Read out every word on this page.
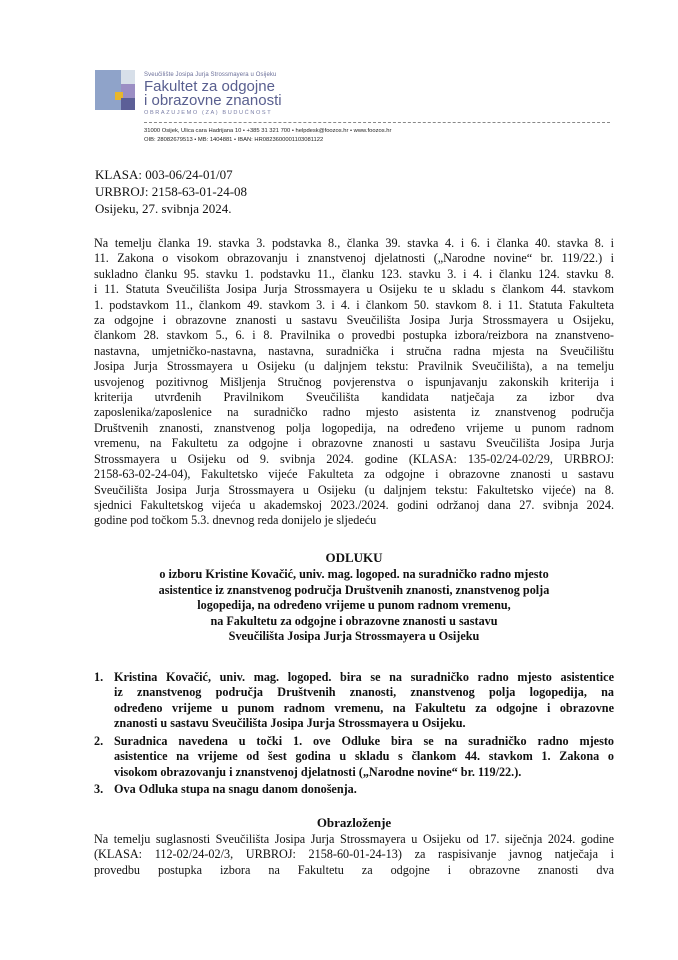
Sveučilište Josipa Jurja Strossmayera u Osijeku
Fakultet za odgojne
i obrazovne znanosti
OBRAZUJEMO (ZA) BUDUĆNOST
31000 Osijek, Ulica cara Hadrijana 10 • +385 31 321 700 • helpdesk@foozos.hr • www.foozos.hr
OIB: 28082679513 • MB: 1404881 • IBAN: HR0823600001103081122
KLASA: 003-06/24-01/07
URBROJ: 2158-63-01-24-08
Osijeku, 27. svibnja 2024.
Na temelju članka 19. stavka 3. podstavka 8., članka 39. stavka 4. i 6. i članka 40. stavka 8. i
11. Zakona o visokom obrazovanju i znanstvenoj djelatnosti („Narodne novine“ br. 119/22.) i
sukladno članku 95. stavku 1. podstavku 11., članku 123. stavku 3. i 4. i članku 124. stavku 8.
i 11. Statuta Sveučilišta Josipa Jurja Strossmayera u Osijeku te u skladu s člankom 44. stavkom
1. podstavkom 11., člankom 49. stavkom 3. i 4. i člankom 50. stavkom 8. i 11. Statuta Fakulteta
za odgojne i obrazovne znanosti u sastavu Sveučilišta Josipa Jurja Strossmayera u Osijeku,
člankom 28. stavkom 5., 6. i 8. Pravilnika o provedbi postupka izbora/reizbora na znanstveno-
nastavna, umjetničko-nastavna, nastavna, suradnička i stručna radna mjesta na Sveučilištu
Josipa Jurja Strossmayera u Osijeku (u daljnjem tekstu: Pravilnik Sveučilišta), a na temelju
usvojenog pozitivnog Mišljenja Stručnog povjerenstva o ispunjavanju zakonskih kriterija i
kriterija utvrđenih Pravilnikom Sveučilišta kandidata natječaja za izbor dva
zaposlenika/zaposlenice na suradničko radno mjesto asistenta iz znanstvenog područja
Društvenih znanosti, znanstvenog polja logopedija, na određeno vrijeme u punom radnom
vremenu, na Fakultetu za odgojne i obrazovne znanosti u sastavu Sveučilišta Josipa Jurja
Strossmayera u Osijeku od 9. svibnja 2024. godine (KLASA: 135-02/24-02/29, URBROJ:
2158-63-02-24-04), Fakultetsko vijeće Fakulteta za odgojne i obrazovne znanosti u sastavu
Sveučilišta Josipa Jurja Strossmayera u Osijeku (u daljnjem tekstu: Fakultetsko vijeće) na 8.
sjednici Fakultetskog vijeća u akademskoj 2023./2024. godini održanoj dana 27. svibnja 2024.
godine pod točkom 5.3. dnevnog reda donijelo je sljedeću
ODLUKU
o izboru Kristine Kovačić, univ. mag. logoped. na suradničko radno mjesto
asistentice iz znanstvenog područja Društvenih znanosti, znanstvenog polja
logopedija, na određeno vrijeme u punom radnom vremenu,
na Fakultetu za odgojne i obrazovne znanosti u sastavu
Sveučilišta Josipa Jurja Strossmayera u Osijeku
1. Kristina Kovačić, univ. mag. logoped. bira se na suradničko radno mjesto asistentice
iz znanstvenog područja Društvenih znanosti, znanstvenog polja logopedija, na
određeno vrijeme u punom radnom vremenu, na Fakultetu za odgojne i obrazovne
znanosti u sastavu Sveučilišta Josipa Jurja Strossmayera u Osijeku.
2. Suradnica navedena u točki 1. ove Odluke bira se na suradničko radno mjesto
asistentice na vrijeme od šest godina u skladu s člankom 44. stavkom 1. Zakona o
visokom obrazovanju i znanstvenoj djelatnosti („Narodne novine“ br. 119/22.).
3. Ova Odluka stupa na snagu danom donošenja.
Obrazloženje
Na temelju suglasnosti Sveučilišta Josipa Jurja Strossmayera u Osijeku od 17. siječnja 2024. godine
(KLASA: 112-02/24-02/3, URBROJ: 2158-60-01-24-13) za raspisivanje javnog natječaja i
provedbu postupka izbora na Fakultetu za odgojne i obrazovne znanosti dva
